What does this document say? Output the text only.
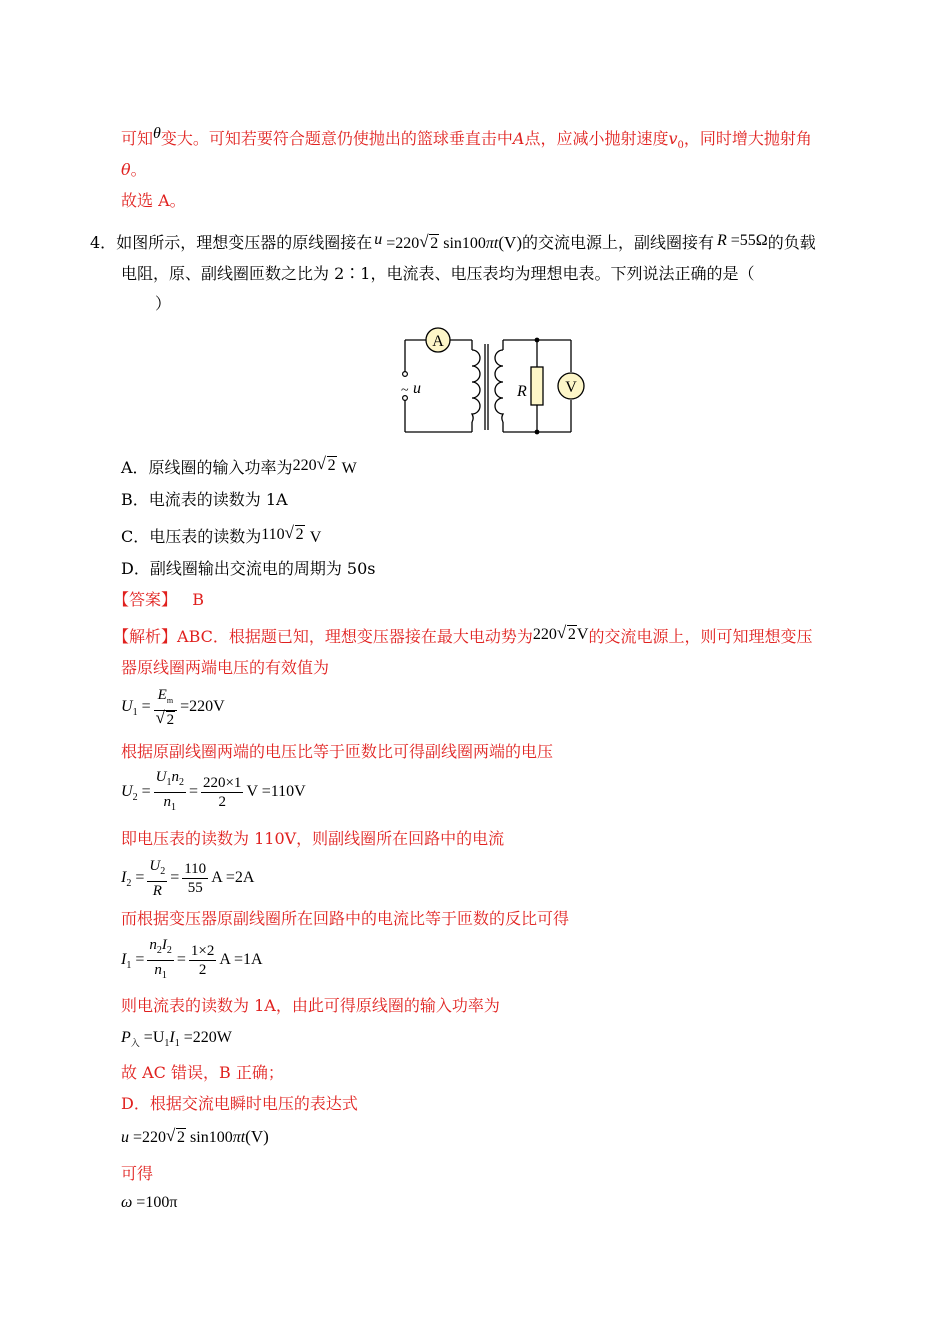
可知θ变大。可知若要符合题意仍使抛出的篮球垂直击中A点，应减小抛射速度$v_0$，同时增大抛射角
θ。
故选 A。
4．如图所示，理想变压器的原线圈接在 u =220 √ 2 sin100πt(V)的交流电源上，副线圈接有 R =55Ω的负载
电阻，原、副线圈匝数之比为 2∶1，电流表、电压表均为理想电表。下列说法正确的是（
）
A
V
R
~ u
A．原线圈的输入功率为220 √ 2 W
B．电流表的读数为 1A
C．电压表的读数为110 √ 2 V
D．副线圈输出交流电的周期为 50s
【答案】 B
【解析】ABC．根据题已知，理想变压器接在最大电动势为220 √ 2V的交流电源上，则可知理想变压
器原线圈两端电压的有效值为
$U_1 = E_m$
√ 2 =220V
根据原副线圈两端的电压比等于匝数比可得副线圈两端的电压
$U_2 = \frac{U_1n_2}{n_1} = \frac{220\times 1}{2}$ V =110V
即电压表的读数为 110V，则副线圈所在回路中的电流
$I_2 = \frac{U_2}{R} = \frac{110}{55}$ A =2A
而根据变压器原副线圈所在回路中的电流比等于匝数的反比可得
$I_1 = \frac{n_2I_2}{n_1} = \frac{1\times 2}{2}$ A =1A
则电流表的读数为 1A，由此可得原线圈的输入功率为
$P_入 =U_1I_1 =220W$
故 AC 错误，B 正确；
D．根据交流电瞬时电压的表达式
u =220 √ 2 sin100πt(V)
可得
ω =100π
